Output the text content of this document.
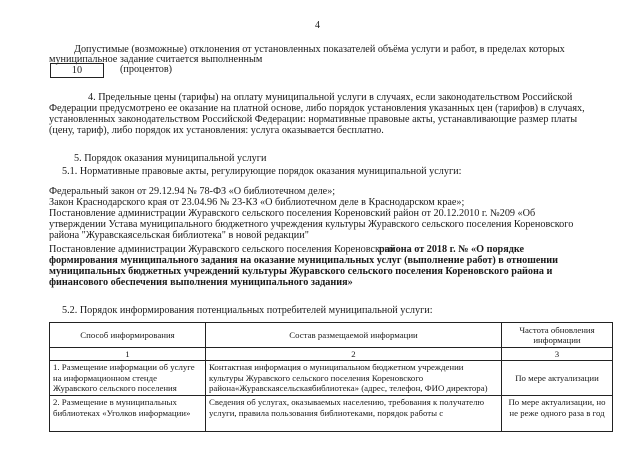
4
Допустимые (возможные) отклонения от установленных показателей объёма услуги и работ, в пределах которых
муниципальное задание считается выполненным
10	(процентов)
4. Предельные цены (тарифы) на оплату муниципальной услуги в случаях, если законодательством Российской
Федерации предусмотрено ее оказание на платной основе, либо порядок установления указанных цен (тарифов) в случаях,
установленных законодательством Российской Федерации: нормативные правовые акты, устанавливающие размер платы
(цену, тариф), либо порядок их установления: услуга оказывается бесплатно.
5. Порядок оказания муниципальной услуги
5.1. Нормативные правовые акты, регулирующие порядок оказания муниципальной услуги:
Федеральный закон от 29.12.94 № 78-ФЗ «О библиотечном деле»;
Закон Краснодарского края от 23.04.96 № 23-КЗ «О библиотечном деле в Краснодарском крае»;
Постановление администрации Журавского сельского поселения Кореновский район от 20.12.2010 г. №209 «Об
утверждении Устава муниципального бюджетного учреждения культуры Журавского сельского поселения Кореновского
района "Журавскаясельская библиотека" в новой редакции"
Постановление администрации Журавского сельского поселения Кореновского
района от 2018 г. № «О порядке
формирования муниципального задания на оказание муниципальных услуг (выполнение работ) в отношении
муниципальных бюджетных учреждений культуры Журавского сельского поселения Кореновского района и
финансового обеспечения выполнения муниципального задания»
5.2. Порядок информирования потенциальных потребителей муниципальной услуги:
Способ информирования	Состав размещаемой информации	Частота обновления информации
1	2	3
1. Размещение информации об услуге на информационном стенде Журавского сельского поселения	Контактная информация о муниципальном бюджетном учреждении культуры Журавского сельского поселения Кореновского района«Журавскаясельскаябиблиотека» (адрес, телефон, ФИО директора)	По мере актуализации
2. Размещение в муниципальных библиотеках «Уголков информации»	Сведения об услугах, оказываемых населению, требования к получателю услуги, правила пользования библиотеками, порядок работы с	По мере актуализации, но не реже одного раза в год
